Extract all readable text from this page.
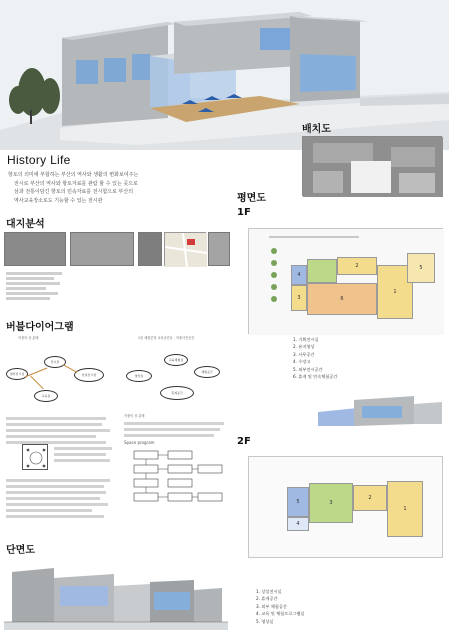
History Life
항토의 의미에 부합하는 부산의 역사와 생활의 변화보여주는
전시로 부산의 역사와 항토자료를 관람 할 수 있는 곳으로
삼과 전통이담긴 항토의 민속자료를 전시함으로 부산의
역사교육장소로도 기능할 수 있는 전시관
배치도
평면도
1F
4
3
2
6
1
5
1. 기획전시실
2. 유지영상
3. 사무공간
4. 수장고
5. 외부전시공간
6. 휴게 및 민속체험공간
2F
5
4
3
2
1
1. 상설전시실
2. 휴게공간
3. 외부 체험공간
4. 교육 및 체험프로그램실
5. 영상실
대지분석
버블다이어그램
작품의 상 분배
영상전시실
전시관
상설전시관
교육실
1층 체험중점 교육공간동 , 작품사전공간
교육체험실
영상실
체험공간
휴게공간
작품의 상 분배
Space program
단면도
